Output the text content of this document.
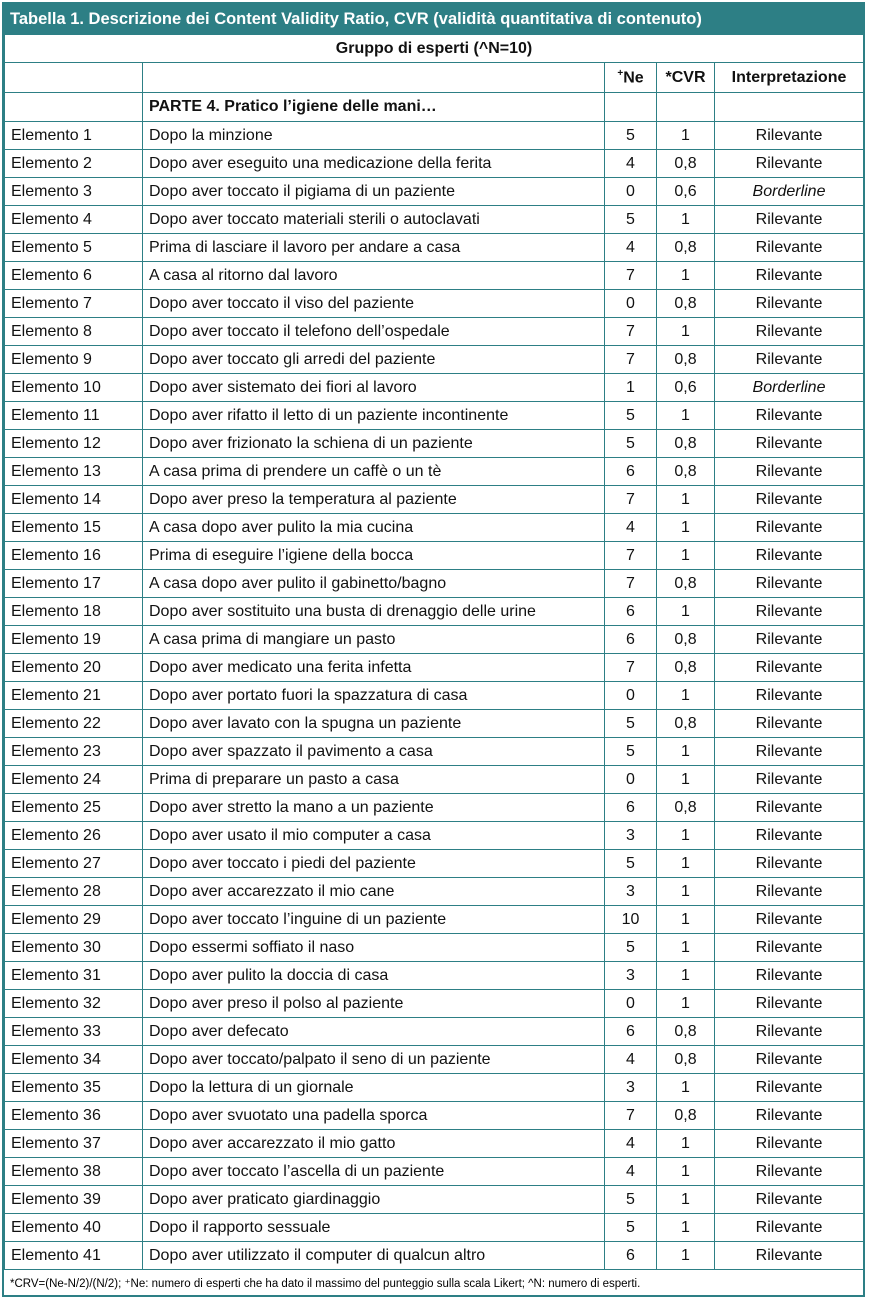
Tabella 1. Descrizione dei Content Validity Ratio, CVR (validità quantitativa di contenuto)
Gruppo di esperti (^N=10)				
		+Ne	*CVR	Interpretazione
	PARTE 4. Pratico l’igiene delle mani…			
Elemento 1	Dopo la minzione	5	1	Rilevante
Elemento 2	Dopo aver eseguito una medicazione della ferita	4	0,8	Rilevante
Elemento 3	Dopo aver toccato il pigiama di un paziente	0	0,6	Borderline
Elemento 4	Dopo aver toccato materiali sterili o autoclavati	5	1	Rilevante
Elemento 5	Prima di lasciare il lavoro per andare a casa	4	0,8	Rilevante
Elemento 6	A casa al ritorno dal lavoro	7	1	Rilevante
Elemento 7	Dopo aver toccato il viso del paziente	0	0,8	Rilevante
Elemento 8	Dopo aver toccato il telefono dell’ospedale	7	1	Rilevante
Elemento 9	Dopo aver toccato gli arredi del paziente	7	0,8	Rilevante
Elemento 10	Dopo aver sistemato dei fiori al lavoro	1	0,6	Borderline
Elemento 11	Dopo aver rifatto il letto di un paziente incontinente	5	1	Rilevante
Elemento 12	Dopo aver frizionato la schiena di un paziente	5	0,8	Rilevante
Elemento 13	A casa prima di prendere un caffè o un tè	6	0,8	Rilevante
Elemento 14	Dopo aver preso la temperatura al paziente	7	1	Rilevante
Elemento 15	A casa dopo aver pulito la mia cucina	4	1	Rilevante
Elemento 16	Prima di eseguire l’igiene della bocca	7	1	Rilevante
Elemento 17	A casa dopo aver pulito il gabinetto/bagno	7	0,8	Rilevante
Elemento 18	Dopo aver sostituito una busta di drenaggio delle urine	6	1	Rilevante
Elemento 19	A casa prima di mangiare un pasto	6	0,8	Rilevante
Elemento 20	Dopo aver medicato una ferita infetta	7	0,8	Rilevante
Elemento 21	Dopo aver portato fuori la spazzatura di casa	0	1	Rilevante
Elemento 22	Dopo aver lavato con la spugna un paziente	5	0,8	Rilevante
Elemento 23	Dopo aver spazzato il pavimento a casa	5	1	Rilevante
Elemento 24	Prima di preparare un pasto a casa	0	1	Rilevante
Elemento 25	Dopo aver stretto la mano a un paziente	6	0,8	Rilevante
Elemento 26	Dopo aver usato il mio computer a casa	3	1	Rilevante
Elemento 27	Dopo aver toccato i piedi del paziente	5	1	Rilevante
Elemento 28	Dopo aver accarezzato il mio cane	3	1	Rilevante
Elemento 29	Dopo aver toccato l’inguine di un paziente	10	1	Rilevante
Elemento 30	Dopo essermi soffiato il naso	5	1	Rilevante
Elemento 31	Dopo aver pulito la doccia di casa	3	1	Rilevante
Elemento 32	Dopo aver preso il polso al paziente	0	1	Rilevante
Elemento 33	Dopo aver defecato	6	0,8	Rilevante
Elemento 34	Dopo aver toccato/palpato il seno di un paziente	4	0,8	Rilevante
Elemento 35	Dopo la lettura di un giornale	3	1	Rilevante
Elemento 36	Dopo aver svuotato una padella sporca	7	0,8	Rilevante
Elemento 37	Dopo aver accarezzato il mio gatto	4	1	Rilevante
Elemento 38	Dopo aver toccato l’ascella di un paziente	4	1	Rilevante
Elemento 39	Dopo aver praticato giardinaggio	5	1	Rilevante
Elemento 40	Dopo il rapporto sessuale	5	1	Rilevante
Elemento 41	Dopo aver utilizzato il computer di qualcun altro	6	1	Rilevante
*CRV=(Ne-N/2)/(N/2); ⁺Ne: numero di esperti che ha dato il massimo del punteggio sulla scala Likert; ^N: numero di esperti.
